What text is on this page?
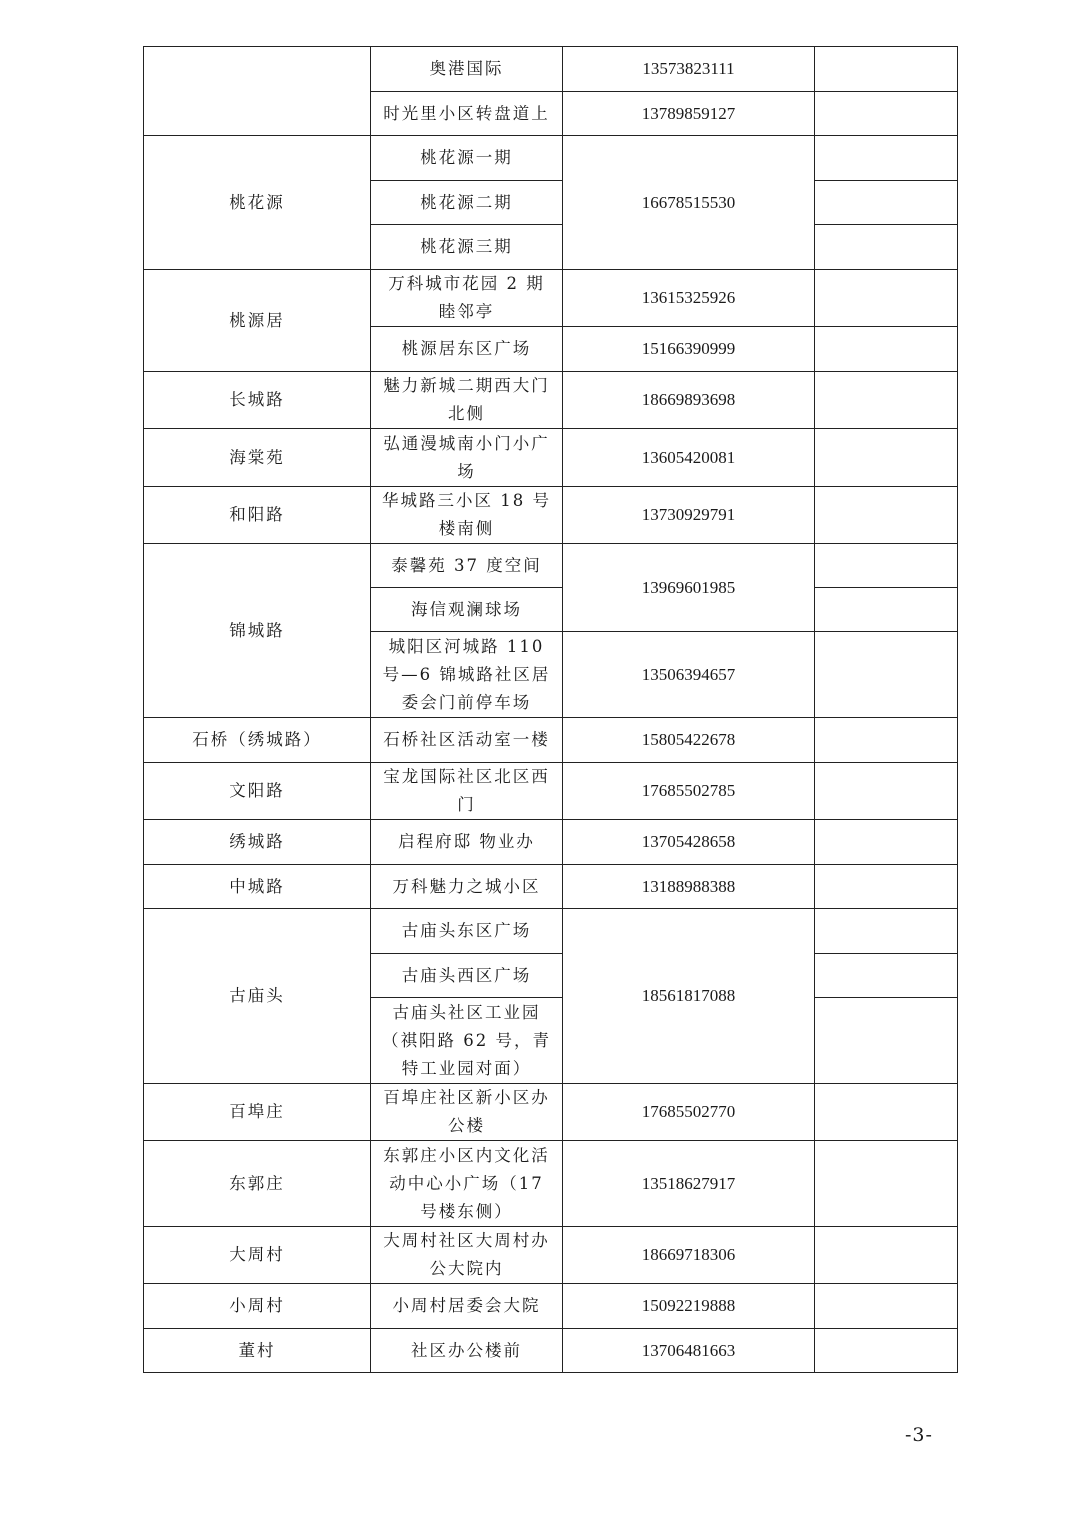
	奥港国际	13573823111	
	时光里小区转盘道上	13789859127	
桃花源	桃花源一期	16678515530	
	桃花源二期		
	桃花源三期		
桃源居	万科城市花园 2 期睦邻亭	13615325926	
	桃源居东区广场	15166390999	
长城路	魅力新城二期西大门北侧	18669893698	
海棠苑	弘通漫城南小门小广场	13605420081	
和阳路	华城路三小区 18 号楼南侧	13730929791	
锦城路	泰馨苑 37 度空间	13969601985	
	海信观澜球场		
	城阳区河城路 110 号—6 锦城路社区居委会门前停车场	13506394657	
石桥（绣城路）	石桥社区活动室一楼	15805422678	
文阳路	宝龙国际社区北区西门	17685502785	
绣城路	启程府邸 物业办	13705428658	
中城路	万科魅力之城小区	13188988388	
古庙头	古庙头东区广场	18561817088	
	古庙头西区广场		
	古庙头社区工业园（祺阳路 62 号，青特工业园对面）		
百埠庄	百埠庄社区新小区办公楼	17685502770	
东郭庄	东郭庄小区内文化活动中心小广场（17 号楼东侧）	13518627917	
大周村	大周村社区大周村办公大院内	18669718306	
小周村	小周村居委会大院	15092219888	
董村	社区办公楼前	13706481663	
-3-
